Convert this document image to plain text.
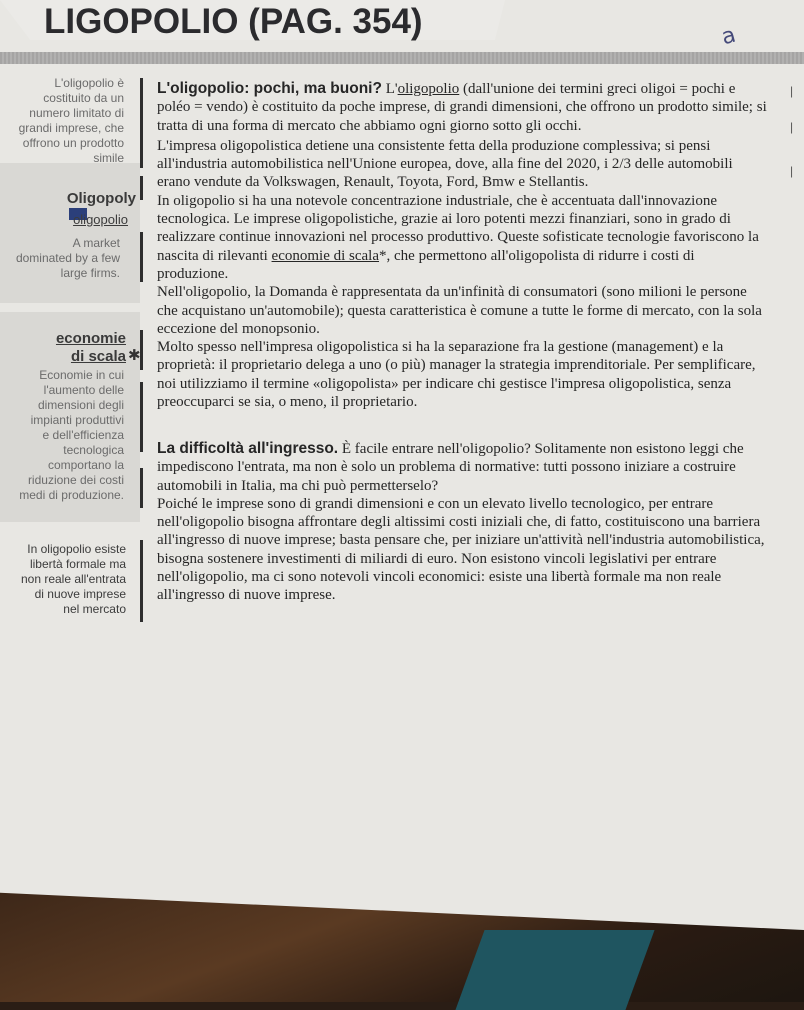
LIGOPOLIO (PAG. 354)	a
L'oligopolio è
costituito da un
numero limitato di
grandi imprese, che
offrono un prodotto
simile
Oligopoly
oligopolio
A market
dominated by a few
large firms.
economie
di scala ✱
Economie in cui
l'aumento delle
dimensioni degli
impianti produttivi
e dell'efficienza
tecnologica
comportano la
riduzione dei costi
medi di produzione.
In oligopolio esiste
libertà formale ma
non reale all'entrata
di nuove imprese
nel mercato

L'oligopolio: pochi, ma buoni? L'oligopolio (dall'unione dei termini greci oligoi = pochi e poléo = vendo) è costituito da poche imprese, di grandi dimensioni, che offrono un prodotto simile; si tratta di una forma di mercato che abbiamo ogni giorno sotto gli occhi.

L'impresa oligopolistica detiene una consistente fetta della produzione complessiva; si pensi all'industria automobilistica nell'Unione europea, dove, alla fine del 2020, i 2/3 delle automobili erano vendute da Volkswagen, Renault, Toyota, Ford, Bmw e Stellantis.

In oligopolio si ha una notevole concentrazione industriale, che è accentuata dall'innovazione tecnologica. Le imprese oligopolistiche, grazie ai loro potenti mezzi finanziari, sono in grado di realizzare continue innovazioni nel processo produttivo. Queste sofisticate tecnologie favoriscono la nascita di rilevanti economie di scala*, che permettono all'oligopolista di ridurre i costi di produzione.

Nell'oligopolio, la Domanda è rappresentata da un'infinità di consumatori (sono milioni le persone che acquistano un'automobile); questa caratteristica è comune a tutte le forme di mercato, con la sola eccezione del monopsonio.

Molto spesso nell'impresa oligopolistica si ha la separazione fra la gestione (management) e la proprietà: il proprietario delega a uno (o più) manager la strategia imprenditoriale. Per semplificare, noi utilizziamo il termine «oligopolista» per indicare chi gestisce l'impresa oligopolistica, senza preoccuparci se sia, o meno, il proprietario.

La difficoltà all'ingresso. È facile entrare nell'oligopolio? Solitamente non esistono leggi che impediscono l'entrata, ma non è solo un problema di normative: tutti possono iniziare a costruire automobili in Italia, ma chi può permetterselo?

Poiché le imprese sono di grandi dimensioni e con un elevato livello tecnologico, per entrare nell'oligopolio bisogna affrontare degli altissimi costi iniziali che, di fatto, costituiscono una barriera all'ingresso di nuove imprese; basta pensare che, per iniziare un'attività nell'industria automobilistica, bisogna sostenere investimenti di miliardi di euro. Non esistono vincoli legislativi per entrare nell'oligopolio, ma ci sono notevoli vincoli economici: esiste una libertà formale ma non reale all'ingresso di nuove imprese.

|
|
|
